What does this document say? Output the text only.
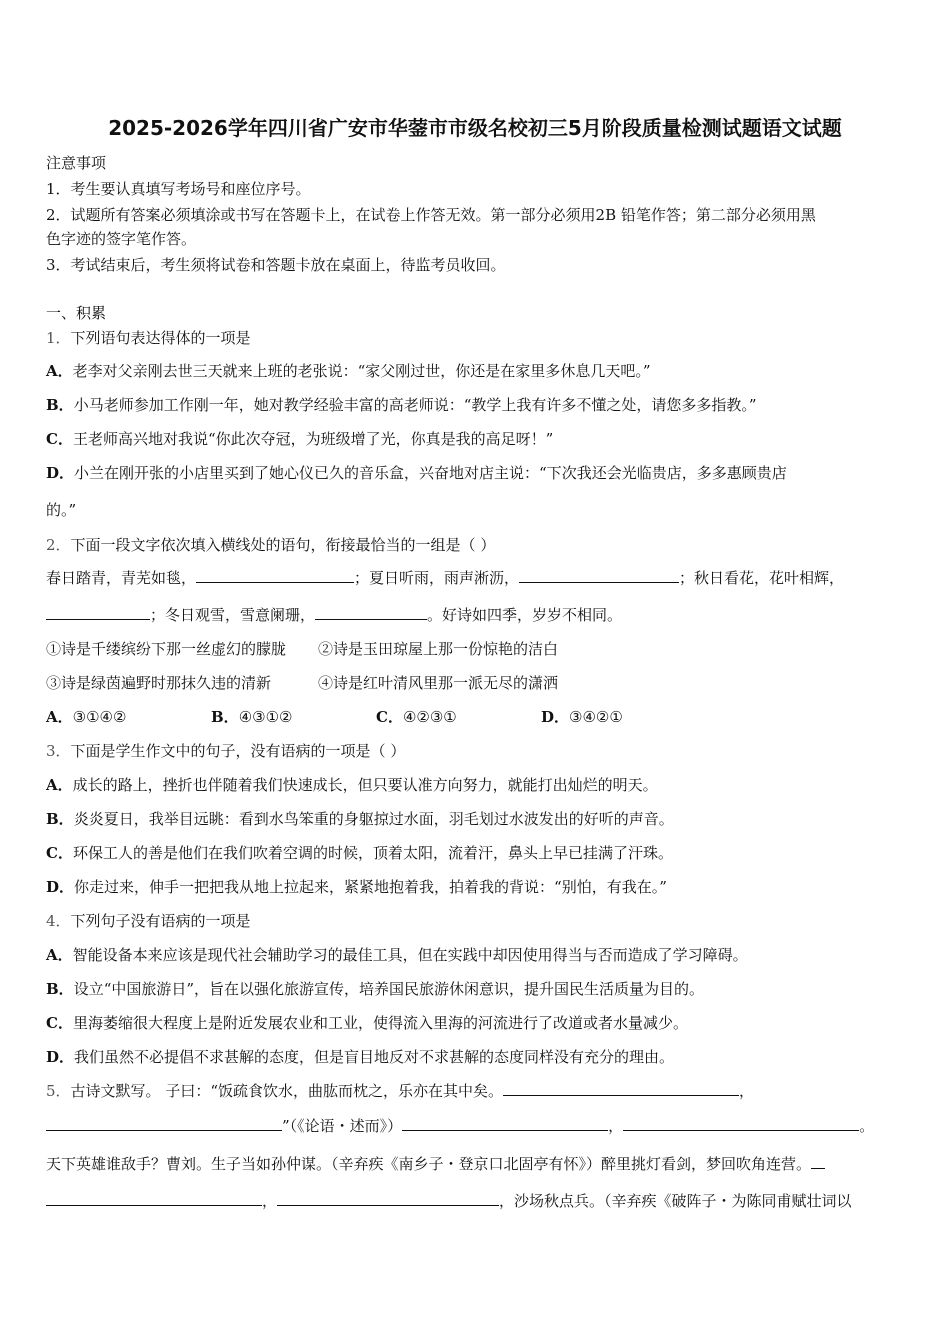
2025-2026学年四川省广安市华蓥市市级名校初三5月阶段质量检测试题语文试题
注意事项
1．考生要认真填写考场号和座位序号。
2．试题所有答案必须填涂或书写在答题卡上，在试卷上作答无效。第一部分必须用2B 铅笔作答；第二部分必须用黑
色字迹的签字笔作答。
3．考试结束后，考生须将试卷和答题卡放在桌面上，待监考员收回。
一、积累
1．下列语句表达得体的一项是
A．老李对父亲刚去世三天就来上班的老张说：“家父刚过世，你还是在家里多休息几天吧。”
B．小马老师参加工作刚一年，她对教学经验丰富的高老师说：“教学上我有许多不懂之处，请您多多指教。”
C．王老师高兴地对我说“你此次夺冠，为班级增了光，你真是我的高足呀！”
D．小兰在刚开张的小店里买到了她心仪已久的音乐盒，兴奋地对店主说：“下次我还会光临贵店，多多惠顾贵店
的。”
2．下面一段文字依次填入横线处的语句，衔接最恰当的一组是（ ）
春日踏青，青芜如毯，	；夏日听雨，雨声淅沥，	；秋日看花，花叶相辉，
；冬日观雪，雪意阑珊，	。好诗如四季，岁岁不相同。
①诗是千缕缤纷下那一丝虚幻的朦胧 ②诗是玉田琼屋上那一份惊艳的洁白
③诗是绿茵遍野时那抹久违的清新	④诗是红叶清风里那一派无尽的潇洒
A．③①④②	B．④③①②	C．④②③①	D．③④②①
3．下面是学生作文中的句子，没有语病的一项是（ ）
A．成长的路上，挫折也伴随着我们快速成长，但只要认准方向努力，就能打出灿烂的明天。
B．炎炎夏日，我举目远眺：看到水鸟笨重的身躯掠过水面，羽毛划过水波发出的好听的声音。
C．环保工人的善是他们在我们吹着空调的时候，顶着太阳，流着汗，鼻头上早已挂满了汗珠。
D．你走过来，伸手一把把我从地上拉起来，紧紧地抱着我，拍着我的背说：“别怕，有我在。”
4．下列句子没有语病的一项是
A．智能设备本来应该是现代社会辅助学习的最佳工具，但在实践中却因使用得当与否而造成了学习障碍。
B．设立“中国旅游日”，旨在以强化旅游宣传，培养国民旅游休闲意识，提升国民生活质量为目的。
C．里海萎缩很大程度上是附近发展农业和工业，使得流入里海的河流进行了改道或者水量减少。
D．我们虽然不必提倡不求甚解的态度，但是盲目地反对不求甚解的态度同样没有充分的理由。
5．古诗文默写。 子曰：“饭疏食饮水，曲肱而枕之，乐亦在其中矣。	，
”（《论语・述而》）	，	。
天下英雄谁敌手？曹刘。生子当如孙仲谋。（辛弃疾《南乡子・登京口北固亭有怀》）醉里挑灯看剑，梦回吹角连营。
，	，沙场秋点兵。（辛弃疾《破阵子・为陈同甫赋壮词以
